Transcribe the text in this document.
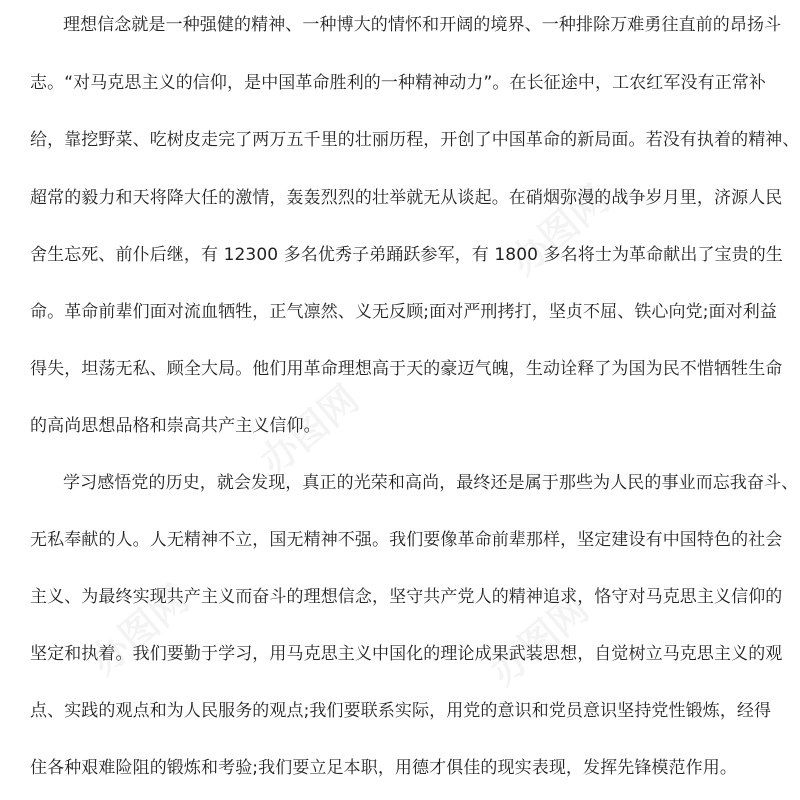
理想信念就是一种强健的精神、一种博大的情怀和开阔的境界、一种排除万难勇往直前的昂扬斗
志。“对马克思主义的信仰，是中国革命胜利的一种精神动力”。在长征途中，工农红军没有正常补
给，靠挖野菜、吃树皮走完了两万五千里的壮丽历程，开创了中国革命的新局面。若没有执着的精神、
超常的毅力和天将降大任的激情，轰轰烈烈的壮举就无从谈起。在硝烟弥漫的战争岁月里，济源人民
舍生忘死、前仆后继，有 12300 多名优秀子弟踊跃参军，有 1800 多名将士为革命献出了宝贵的生
命。革命前辈们面对流血牺牲，正气凛然、义无反顾;面对严刑拷打，坚贞不屈、铁心向党;面对利益
得失，坦荡无私、顾全大局。他们用革命理想高于天的豪迈气魄，生动诠释了为国为民不惜牺牲生命
的高尚思想品格和崇高共产主义信仰。
学习感悟党的历史，就会发现，真正的光荣和高尚，最终还是属于那些为人民的事业而忘我奋斗、
无私奉献的人。人无精神不立，国无精神不强。我们要像革命前辈那样，坚定建设有中国特色的社会
主义、为最终实现共产主义而奋斗的理想信念，坚守共产党人的精神追求，恪守对马克思主义信仰的
坚定和执着。我们要勤于学习，用马克思主义中国化的理论成果武装思想，自觉树立马克思主义的观
点、实践的观点和为人民服务的观点;我们要联系实际，用党的意识和党员意识坚持党性锻炼，经得
住各种艰难险阻的锻炼和考验;我们要立足本职，用德才俱佳的现实表现，发挥先锋模范作用。
